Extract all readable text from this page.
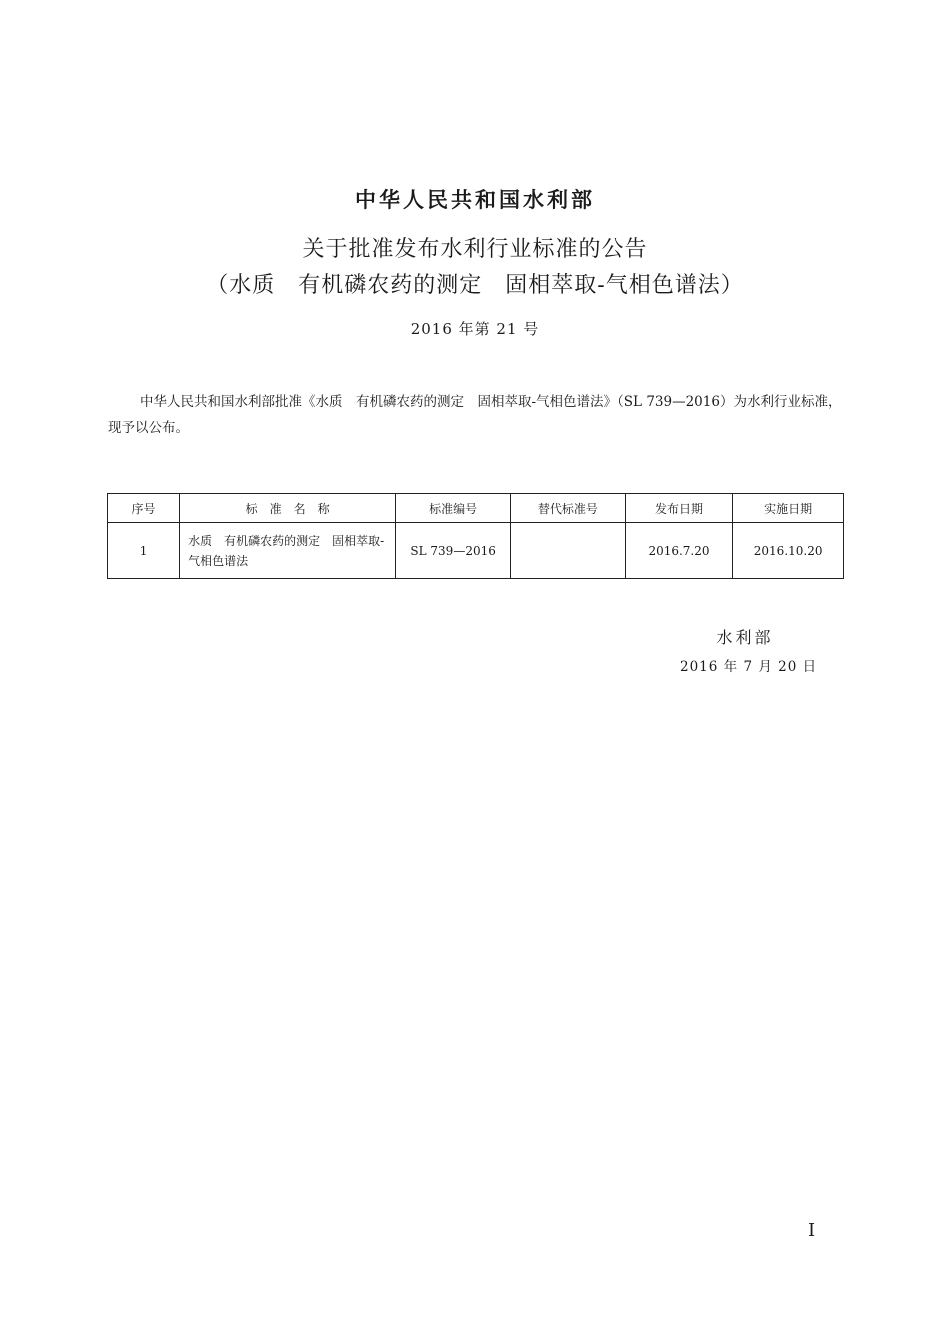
中华人民共和国水利部
关于批准发布水利行业标准的公告
（水质　有机磷农药的测定　固相萃取-气相色谱法）
2016 年第 21 号

中华人民共和国水利部批准《水质　有机磷农药的测定　固相萃取-气相色谱法》（SL 739—2016）为水利行业标准，现予以公布。

序号	标　准　名　称	标准编号	替代标准号	发布日期	实施日期
1	水质　有机磷农药的测定　固相萃取-气相色谱法	SL 739—2016		2016.7.20	2016.10.20
水利部
2016 年 7 月 20 日
Ⅰ
